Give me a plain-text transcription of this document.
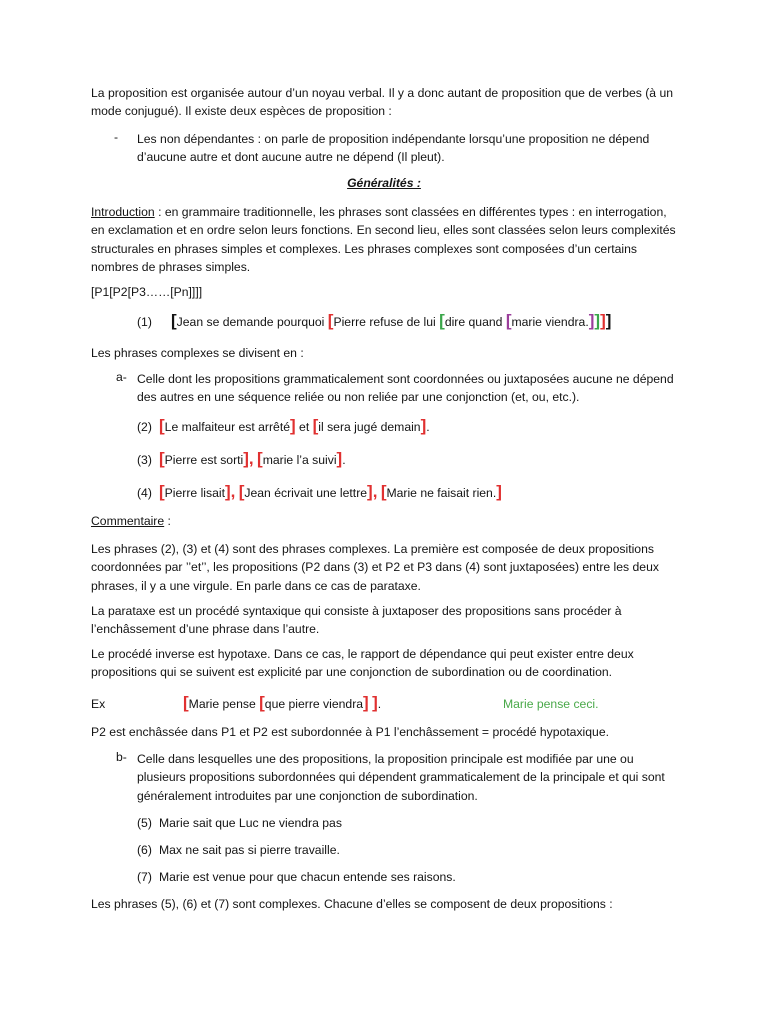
La proposition est organisée autour d’un noyau verbal. Il y a donc autant de proposition que de verbes (à un mode conjugué). Il existe deux espèces de proposition :

- Les non dépendantes : on parle de proposition indépendante lorsqu’une proposition ne dépend d’aucune autre et dont aucune autre ne dépend (Il pleut).

Généralités :

Introduction : en grammaire traditionnelle, les phrases sont classées en différentes types : en interrogation, en exclamation et en ordre selon leurs fonctions. En second lieu, elles sont classées selon leurs complexités structurales en phrases simples et complexes. Les phrases complexes sont composées d’un certains nombres de phrases simples.

[P1[P2[P3……[Pn]]]]

(1) [Jean se demande pourquoi [Pierre refuse de lui [dire quand [marie viendra.]]]]

Les phrases complexes se divisent en :

a- Celle dont les propositions grammaticalement sont coordonnées ou juxtaposées aucune ne dépend des autres en une séquence reliée ou non reliée par une conjonction (et, ou, etc.).

(2) [Le malfaiteur est arrêté] et [il sera jugé demain].
(3) [Pierre est sorti], [marie l’a suivi].
(4) [Pierre lisait], [Jean écrivait une lettre], [Marie ne faisait rien.]

Commentaire :

Les phrases (2), (3) et (4) sont des phrases complexes. La première est composée de deux propositions coordonnées par ’’et’’, les propositions (P2 dans (3) et P2 et P3 dans (4) sont juxtaposées) entre les deux phrases, il y a une virgule. En parle dans ce cas de parataxe.

La parataxe est un procédé syntaxique qui consiste à juxtaposer des propositions sans procéder à l’enchâssement d’une phrase dans l’autre.

Le procédé inverse est hypotaxe. Dans ce cas, le rapport de dépendance qui peut exister entre deux propositions qui se suivent est explicité par une conjonction de subordination ou de coordination.

Ex	[Marie pense [que pierre viendra] ].	Marie pense ceci.

P2 est enchâssée dans P1 et P2 est subordonnée à P1 l’enchâssement = procédé hypotaxique.

b- Celle dans lesquelles une des propositions, la proposition principale est modifiée par une ou plusieurs propositions subordonnées qui dépendent grammaticalement de la principale et qui sont généralement introduites par une conjonction de subordination.

(5) Marie sait que Luc ne viendra pas
(6) Max ne sait pas si pierre travaille.
(7) Marie est venue pour que chacun entende ses raisons.

Les phrases (5), (6) et (7) sont complexes. Chacune d’elles se composent de deux propositions :
